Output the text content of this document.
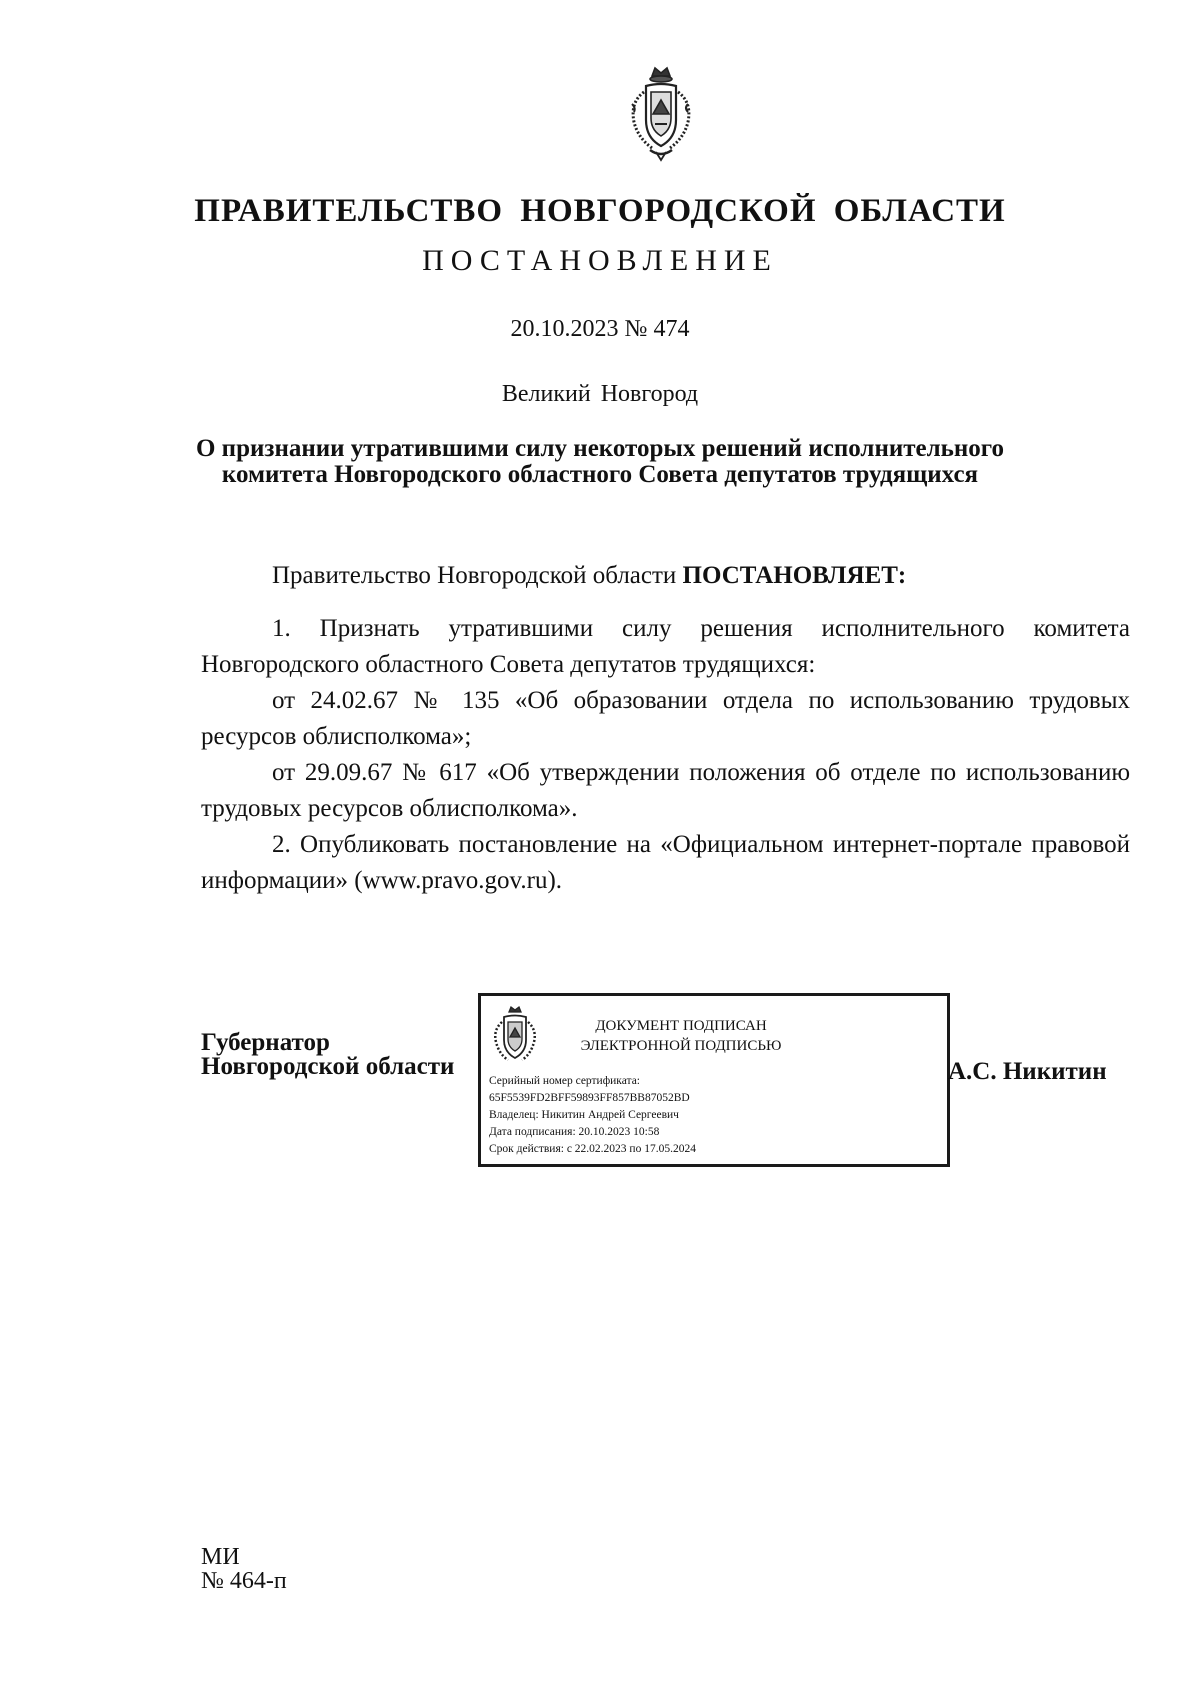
ПРАВИТЕЛЬСТВО НОВГОРОДСКОЙ ОБЛАСТИ
ПОСТАНОВЛЕНИЕ
20.10.2023 № 474
Великий Новгород
О признании утратившими силу некоторых решений исполнительного
комитета Новгородского областного Совета депутатов трудящихся
Правительство Новгородской области ПОСТАНОВЛЯЕТ:
1. Признать утратившими силу решения исполнительного комитета Новгородского областного Совета депутатов трудящихся:
от 24.02.67 № 135 «Об образовании отдела по использованию трудовых ресурсов облисполкома»;
от 29.09.67 № 617 «Об утверждении положения об отделе по использованию трудовых ресурсов облисполкома».
2. Опубликовать постановление на «Официальном интернет-портале правовой информации» (www.pravo.gov.ru).
Губернатор
Новгородской области
ДОКУМЕНТ ПОДПИСАН
ЭЛЕКТРОННОЙ ПОДПИСЬЮ
Серийный номер сертификата:
65F5539FD2BFF59893FF857BB87052BD
Владелец: Никитин Андрей Сергеевич
Дата подписания: 20.10.2023 10:58
Срок действия: с 22.02.2023 по 17.05.2024
А.С. Никитин
МИ
№ 464-п
